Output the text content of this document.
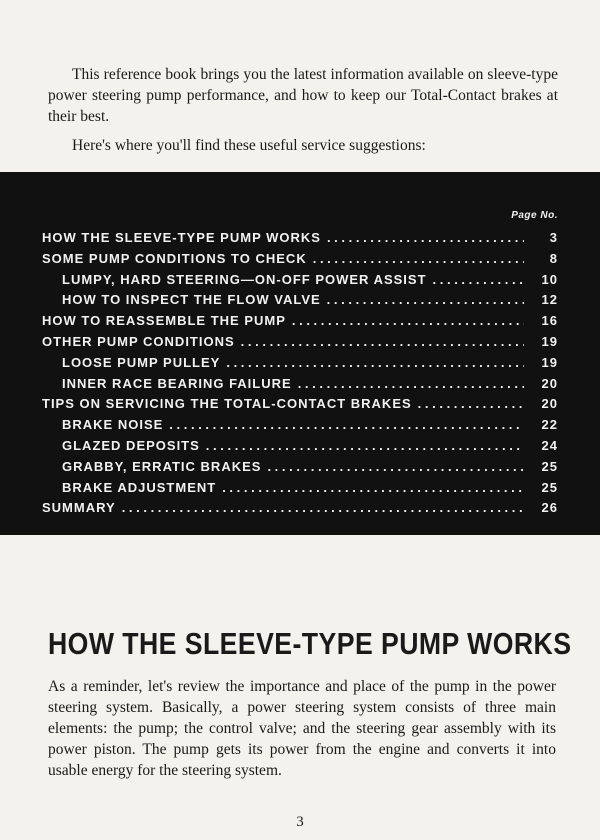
This reference book brings you the latest information available on sleeve-type power steering pump performance, and how to keep our Total-Contact brakes at their best.

Here's where you'll find these useful service suggestions:

Page No.
HOW THE SLEEVE-TYPE PUMP WORKS . . .	3
SOME PUMP CONDITIONS TO CHECK . . .	8
LUMPY, HARD STEERING—ON-OFF POWER ASSIST . . .	10
HOW TO INSPECT THE FLOW VALVE . . .	12
HOW TO REASSEMBLE THE PUMP . . .	16
OTHER PUMP CONDITIONS . . .	19
LOOSE PUMP PULLEY . . .	19
INNER RACE BEARING FAILURE . . .	20
TIPS ON SERVICING THE TOTAL-CONTACT BRAKES . . .	20
BRAKE NOISE . . .	22
GLAZED DEPOSITS . . .	24
GRABBY, ERRATIC BRAKES . . .	25
BRAKE ADJUSTMENT . . .	25
SUMMARY . . .	26
HOW THE SLEEVE-TYPE PUMP WORKS

As a reminder, let's review the importance and place of the pump in the power steering system. Basically, a power steering system consists of three main elements: the pump; the control valve; and the steering gear assembly with its power piston. The pump gets its power from the engine and converts it into usable energy for the steering system.

3
